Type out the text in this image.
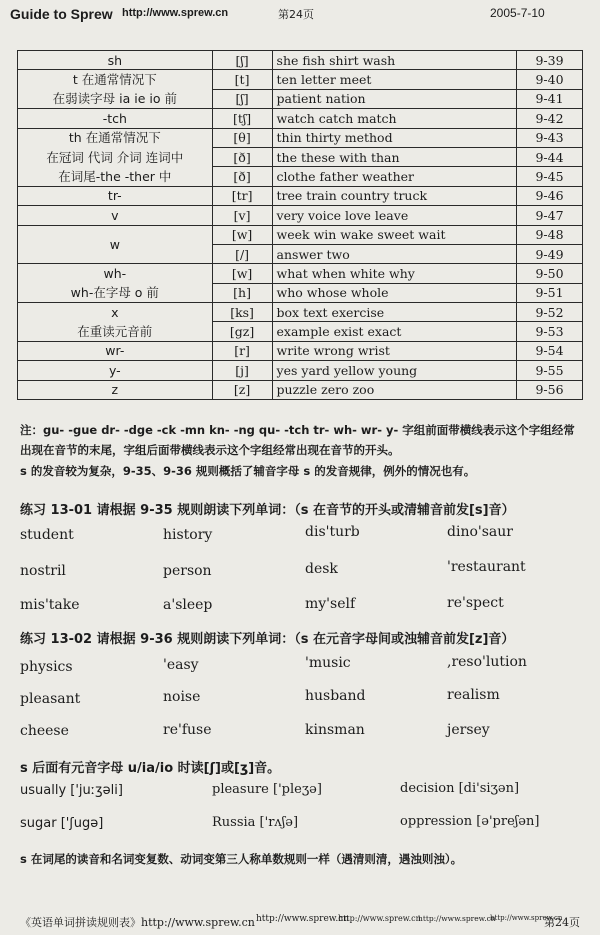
Guide to Sprew http://www.sprew.cn	第24页	2005-7-10
sh	[ʃ]	she fish shirt wash	9-39
t 在通常情况下	[t]	ten letter meet	9-40
在弱读字母 ia ie io 前	[ʃ]	patient nation	9-41
-tch	[tʃ]	watch catch match	9-42
th 在通常情况下	[θ]	thin thirty method	9-43
在冠词 代词 介词 连词中	[ð]	the these with than	9-44
在词尾-the -ther 中	[ð]	clothe father weather	9-45
tr-	[tr]	tree train country truck	9-46
v	[v]	very voice love leave	9-47
w	[w]	week win wake sweet wait	9-48
	[/]	answer two	9-49
wh-	[w]	what when white why	9-50
wh-在字母 o 前	[h]	who whose whole	9-51
x	[ks]	box text exercise	9-52
在重读元音前	[gz]	example exist exact	9-53
wr-	[r]	write wrong wrist	9-54
y-	[j]	yes yard yellow young	9-55
z	[z]	puzzle zero zoo	9-56
注：gu- -gue dr- -dge -ck -mn kn- -ng qu- -tch tr- wh- wr- y- 字组前面带横线表示这个字组经常出现在音节的末尾，字组后面带横线表示这个字组经常出现在音节的开头。
s 的发音较为复杂，9-35、9-36 规则概括了辅音字母 s 的发音规律，例外的情况也有。
练习 13-01 请根据 9-35 规则朗读下列单词：（s 在音节的开头或清辅音前发[s]音）
student	history	dis'turb	dino'saur
nostril	person	desk	'restaurant
mis'take	a'sleep	my'self	re'spect
练习 13-02 请根据 9-36 规则朗读下列单词：（s 在元音字母间或浊辅音前发[z]音）
physics	'easy	'music	,reso'lution
pleasant	noise	husband	realism
cheese	re'fuse	kinsman	jersey
s 后面有元音字母 u/ia/io 时读[ʃ]或[ʒ]音。
usually ['juːʒəli]	pleasure ['pleʒə]	decision [di'siʒən]
sugar ['ʃugə]	Russia ['rʌʃə]	oppression [ə'preʃən]
s 在词尾的读音和名词变复数、动词变第三人称单数规则一样（遇清则清，遇浊则浊）。
《英语单词拼读规则表》http://www.sprew.cn http://www.sprew.cn
http://www.sprew.cn
http://www.sprew.cn
http://www.sprew.cn
第24页
